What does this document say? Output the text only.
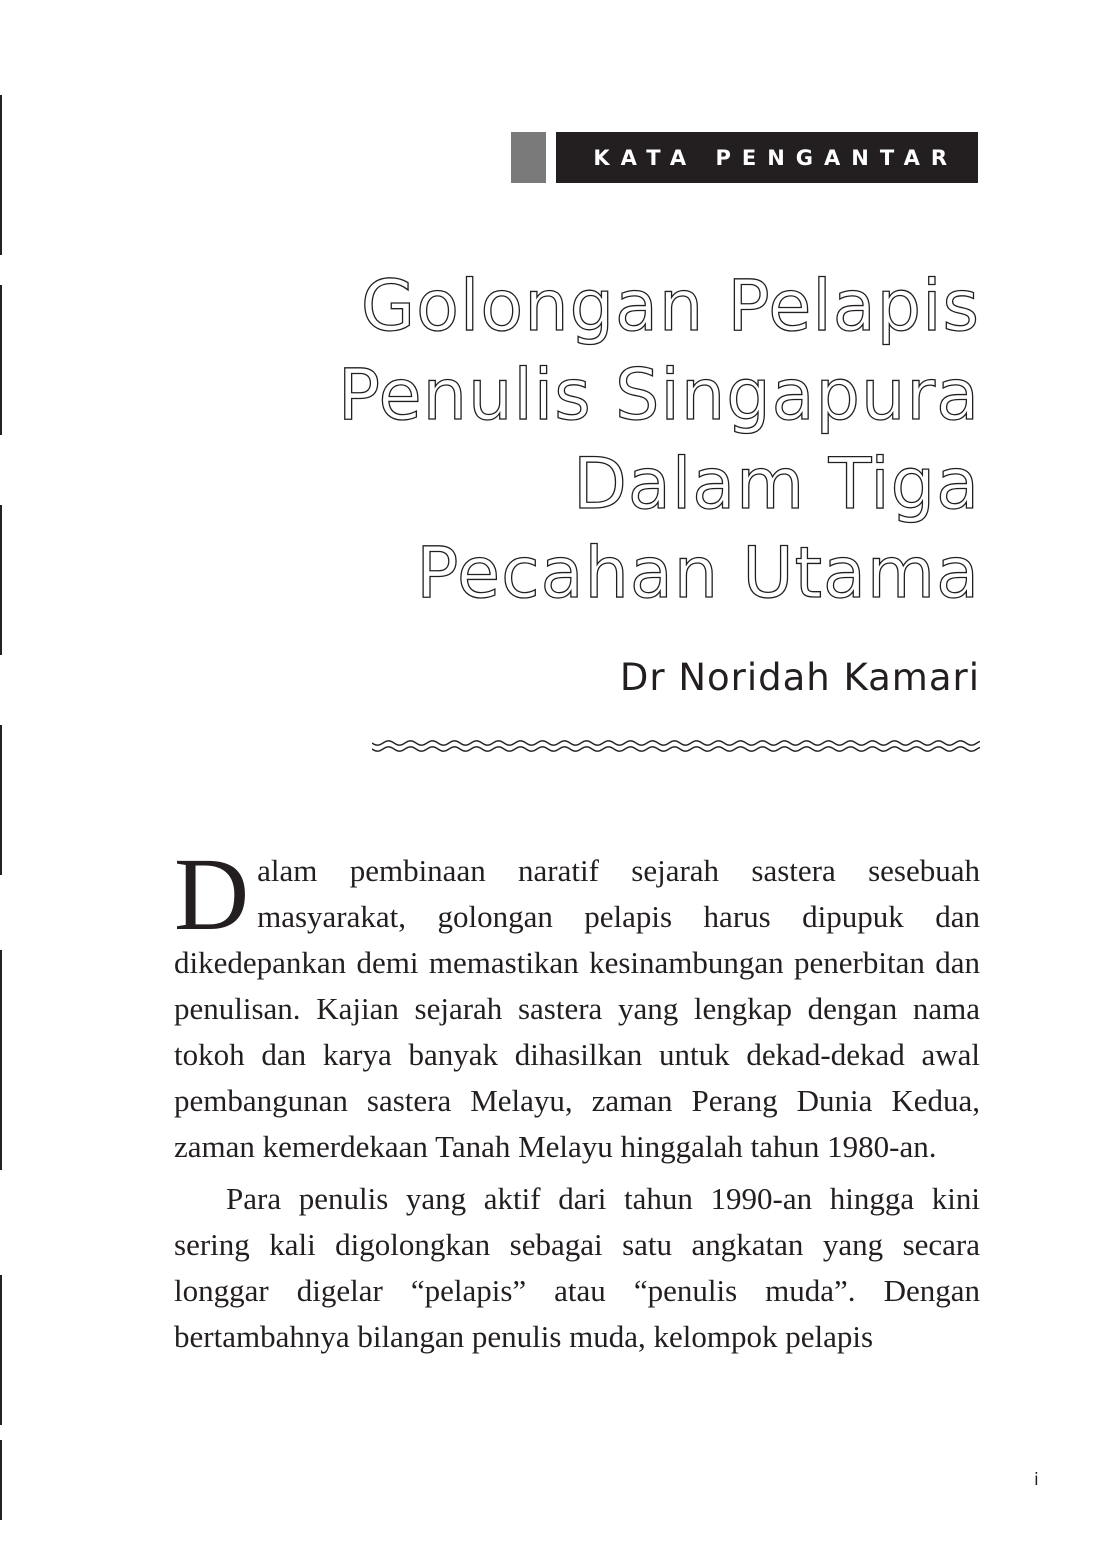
KATA PENGANTAR
Golongan Pelapis
Penulis Singapura
Dalam Tiga
Pecahan Utama
Dr Noridah Kamari

Dalam pembinaan naratif sejarah sastera sesebuah masyarakat, golongan pelapis harus dipupuk dan dikedepankan demi memastikan kesinambungan penerbitan dan penulisan. Kajian sejarah sastera yang lengkap dengan nama tokoh dan karya banyak dihasilkan untuk dekad-dekad awal pembangunan sastera Melayu, zaman Perang Dunia Kedua, zaman kemerdekaan Tanah Melayu hinggalah tahun 1980-an.

Para penulis yang aktif dari tahun 1990-an hingga kini sering kali digolongkan sebagai satu angkatan yang secara longgar digelar “pelapis” atau “penulis muda”. Dengan bertambahnya bilangan penulis muda, kelompok pelapis

i
